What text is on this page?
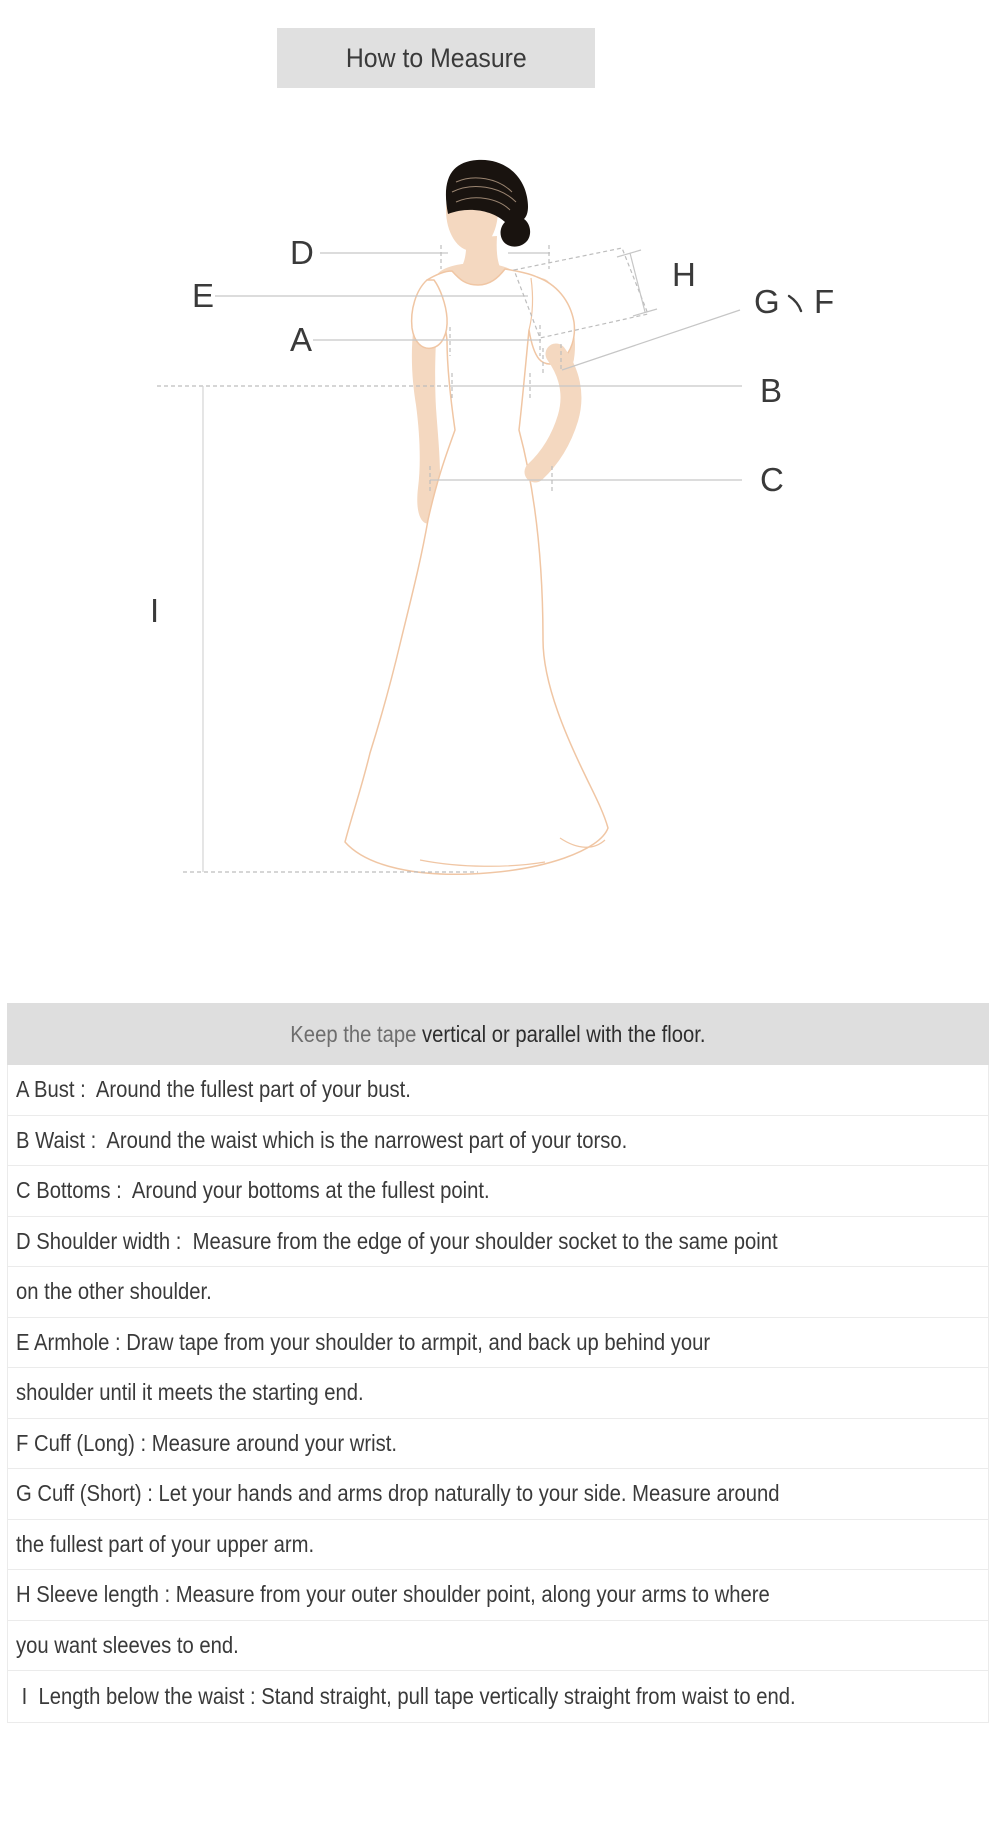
How to Measure
D
E
A
H
G F
B
C
I
Keep the tape vertical or parallel with the floor.
A Bust :  Around the fullest part of your bust.
B Waist :  Around the waist which is the narrowest part of your torso.
C Bottoms :  Around your bottoms at the fullest point.
D Shoulder width :  Measure from the edge of your shoulder socket to the same point
on the other shoulder.
E Armhole : Draw tape from your shoulder to armpit, and back up behind your
shoulder until it meets the starting end.
F Cuff (Long) : Measure around your wrist.
G Cuff (Short) : Let your hands and arms drop naturally to your side. Measure around
the fullest part of your upper arm.
H Sleeve length : Measure from your outer shoulder point, along your arms to where
you want sleeves to end.
I  Length below the waist : Stand straight, pull tape vertically straight from waist to end.
